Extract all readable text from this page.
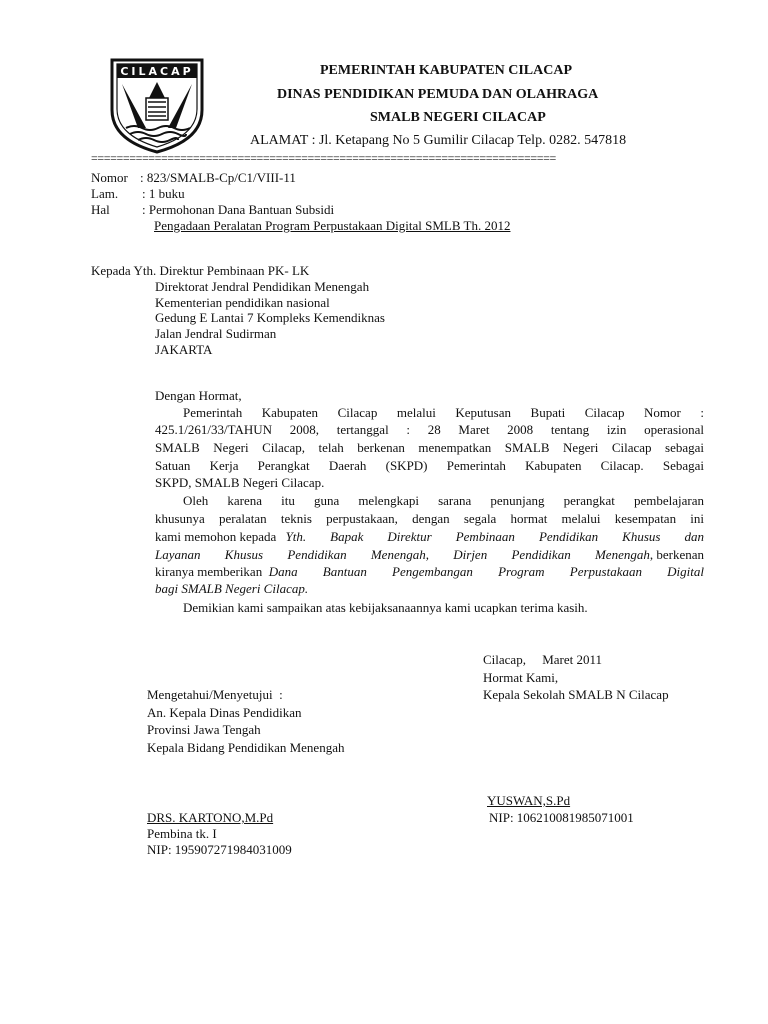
CILACAP	PEMERINTAH KABUPATEN CILACAP
DINAS PENDIDIKAN PEMUDA DAN OLAHRAGA
SMALB NEGERI CILACAP
ALAMAT : Jl. Ketapang No 5 Gumilir Cilacap Telp. 0282. 547818
=========================================================================
Nomor : 823/SMALB-Cp/C1/VIII-11
Lam. : 1 buku
Hal : Permohonan Dana Bantuan Subsidi
Pengadaan Peralatan Program Perpustakaan Digital SMLB Th. 2012
Kepada Yth. Direktur Pembinaan PK- LK
Direktorat Jendral Pendidikan Menengah
Kementerian pendidikan nasional
Gedung E Lantai 7 Kompleks Kemendiknas
Jalan Jendral Sudirman
JAKARTA
Dengan Hormat,
Pemerintah Kabupaten Cilacap melalui Keputusan Bupati Cilacap Nomor :
425.1/261/33/TAHUN 2008, tertanggal : 28 Maret 2008 tentang izin operasional
SMALB Negeri Cilacap, telah berkenan menempatkan SMALB Negeri Cilacap sebagai
Satuan Kerja Perangkat Daerah (SKPD) Pemerintah Kabupaten Cilacap. Sebagai
SKPD, SMALB Negeri Cilacap.
Oleh karena itu guna melengkapi sarana penunjang perangkat pembelajaran
khusunya peralatan teknis perpustakaan, dengan segala hormat melalui kesempatan ini
kami memohon kepada Yth. Bapak Direktur Pembinaan Pendidikan Khusus dan
Layanan Khusus Pendidikan Menengah, Dirjen Pendidikan Menengah , berkenan
kiranya memberikan Dana Bantuan Pengembangan Program Perpustakaan Digital
bagi SMALB Negeri Cilacap.
Demikian kami sampaikan atas kebijaksanaannya kami ucapkan terima kasih.
Cilacap,     Maret 2011
Hormat Kami,
Kepala Sekolah SMALB N Cilacap
YUSWAN,S.Pd
NIP: 106210081985071001
Mengetahui/Menyetujui  :
An. Kepala Dinas Pendidikan
Provinsi Jawa Tengah
Kepala Bidang Pendidikan Menengah
DRS. KARTONO,M.Pd
Pembina tk. I
NIP: 195907271984031009
